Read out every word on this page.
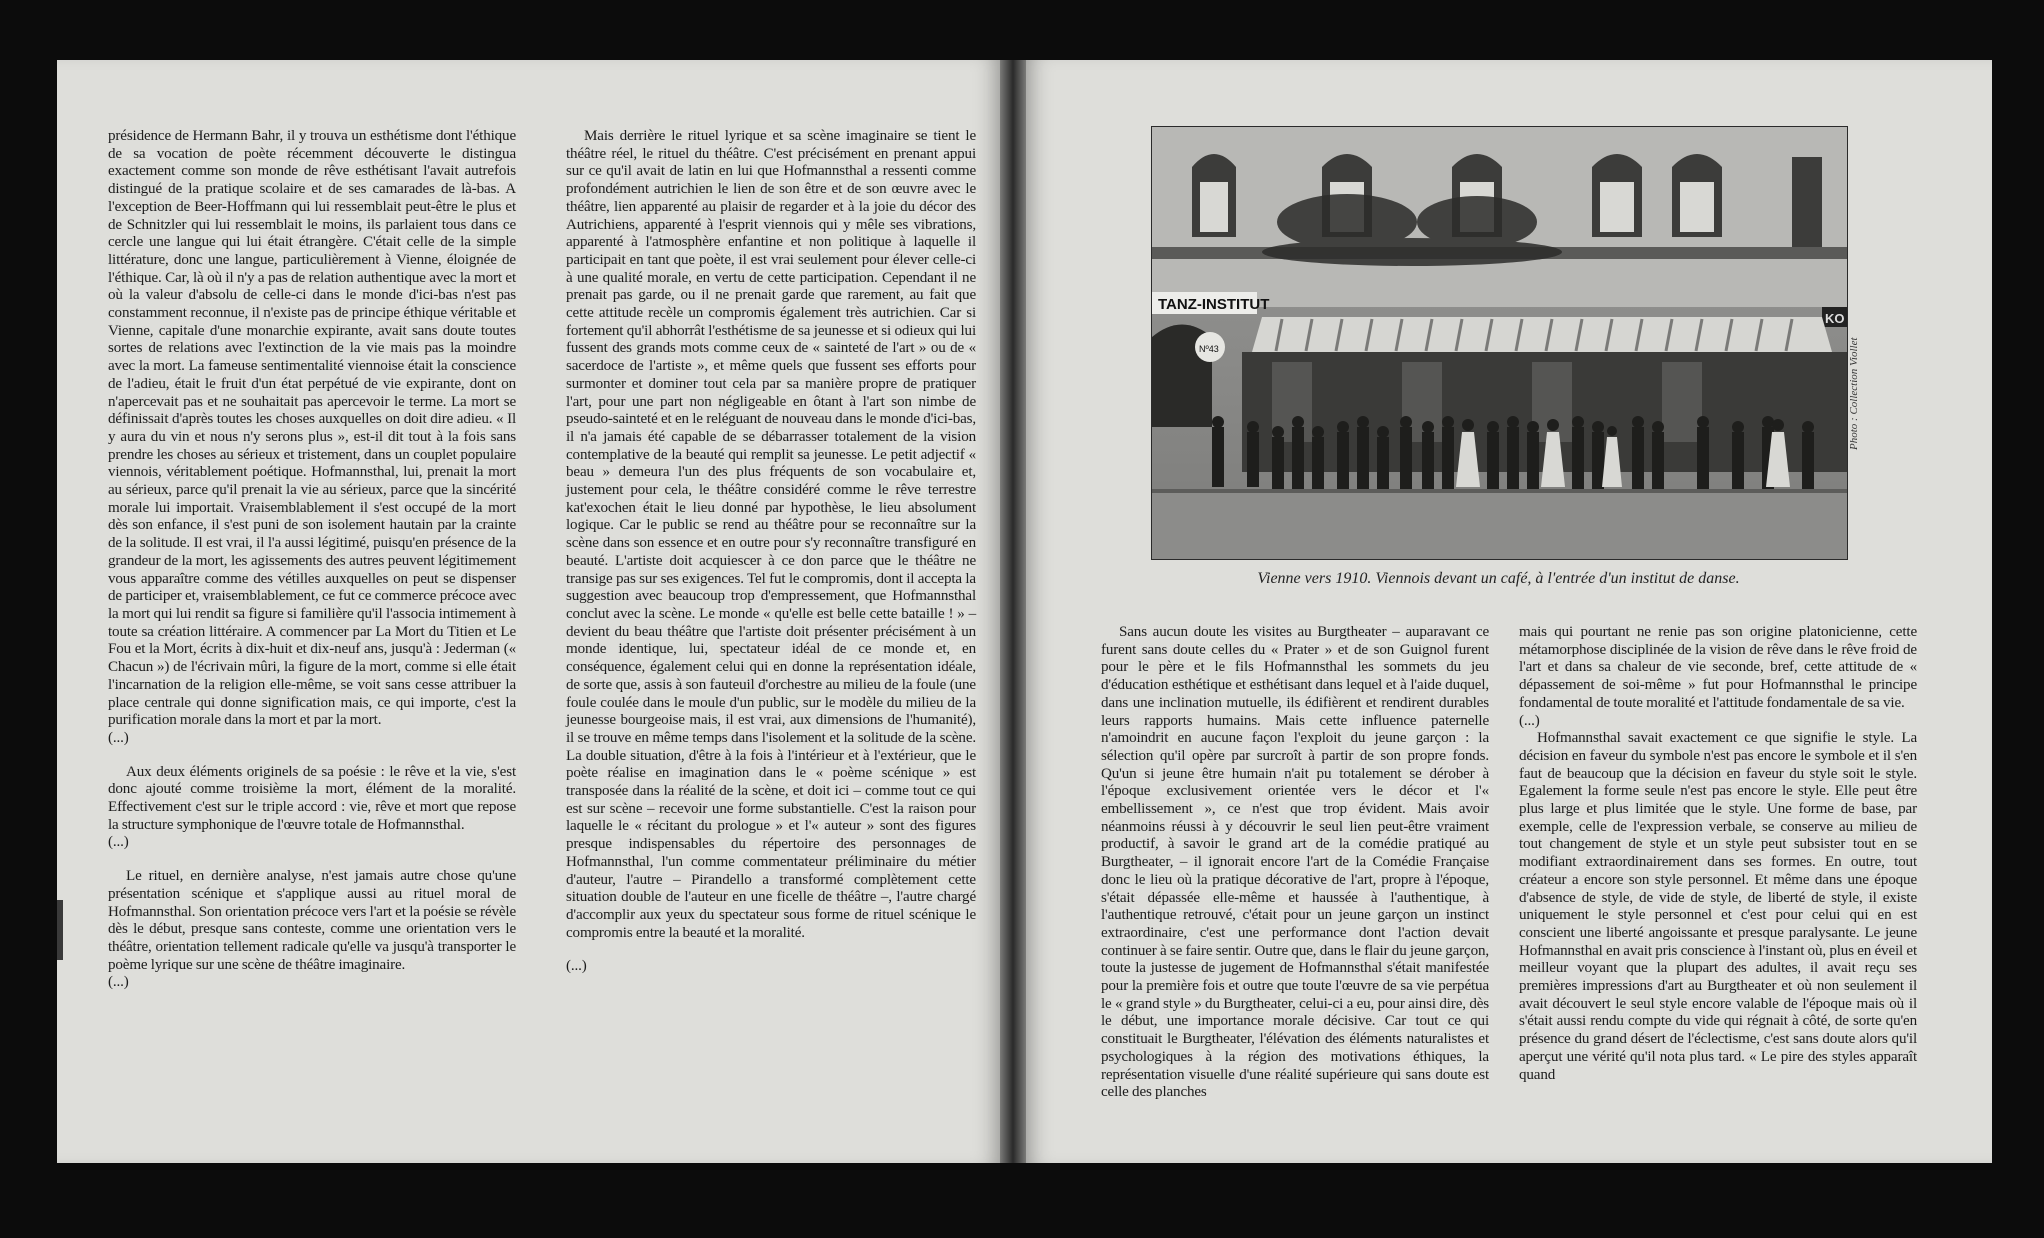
présidence de Hermann Bahr, il y trouva un esthétisme dont l'éthique de sa vocation de poète récemment découverte le distingua exactement comme son monde de rêve esthétisant l'avait autrefois distingué de la pratique scolaire et de ses camarades de là-bas. A l'exception de Beer-Hoffmann qui lui ressemblait peut-être le plus et de Schnitzler qui lui ressemblait le moins, ils parlaient tous dans ce cercle une langue qui lui était étrangère. C'était celle de la simple littérature, donc une langue, particulièrement à Vienne, éloignée de l'éthique. Car, là où il n'y a pas de relation authentique avec la mort et où la valeur d'absolu de celle-ci dans le monde d'ici-bas n'est pas constamment reconnue, il n'existe pas de principe éthique véritable et Vienne, capitale d'une monarchie expirante, avait sans doute toutes sortes de relations avec l'extinction de la vie mais pas la moindre avec la mort. La fameuse sentimentalité viennoise était la conscience de l'adieu, était le fruit d'un état perpétué de vie expirante, dont on n'apercevait pas et ne souhaitait pas apercevoir le terme. La mort se définissait d'après toutes les choses auxquelles on doit dire adieu. « Il y aura du vin et nous n'y serons plus », est-il dit tout à la fois sans prendre les choses au sérieux et tristement, dans un couplet populaire viennois, véritablement poétique. Hofmannsthal, lui, prenait la mort au sérieux, parce qu'il prenait la vie au sérieux, parce que la sincérité morale lui importait. Vraisemblablement il s'est occupé de la mort dès son enfance, il s'est puni de son isolement hautain par la crainte de la solitude. Il est vrai, il l'a aussi légitimé, puisqu'en présence de la grandeur de la mort, les agissements des autres peuvent légitimement vous apparaître comme des vétilles auxquelles on peut se dispenser de participer et, vraisemblablement, ce fut ce commerce précoce avec la mort qui lui rendit sa figure si familière qu'il l'associa intimement à toute sa création littéraire. A commencer par La Mort du Titien et Le Fou et la Mort, écrits à dix-huit et dix-neuf ans, jusqu'à : Jederman (« Chacun ») de l'écrivain mûri, la figure de la mort, comme si elle était l'incarnation de la religion elle-même, se voit sans cesse attribuer la place centrale qui donne signification mais, ce qui importe, c'est la purification morale dans la mort et par la mort.

(...)

Aux deux éléments originels de sa poésie : le rêve et la vie, s'est donc ajouté comme troisième la mort, élément de la moralité. Effectivement c'est sur le triple accord : vie, rêve et mort que repose la structure symphonique de l'œuvre totale de Hofmannsthal.

(...)

Le rituel, en dernière analyse, n'est jamais autre chose qu'une présentation scénique et s'applique aussi au rituel moral de Hofmannsthal. Son orientation précoce vers l'art et la poésie se révèle dès le début, presque sans conteste, comme une orientation vers le théâtre, orientation tellement radicale qu'elle va jusqu'à transporter le poème lyrique sur une scène de théâtre imaginaire.

(...)

Mais derrière le rituel lyrique et sa scène imaginaire se tient le théâtre réel, le rituel du théâtre. C'est précisément en prenant appui sur ce qu'il avait de latin en lui que Hofmannsthal a ressenti comme profondément autrichien le lien de son être et de son œuvre avec le théâtre, lien apparenté au plaisir de regarder et à la joie du décor des Autrichiens, apparenté à l'esprit viennois qui y mêle ses vibrations, apparenté à l'atmosphère enfantine et non politique à laquelle il participait en tant que poète, il est vrai seulement pour élever celle-ci à une qualité morale, en vertu de cette participation. Cependant il ne prenait pas garde, ou il ne prenait garde que rarement, au fait que cette attitude recèle un compromis également très autrichien. Car si fortement qu'il abhorrât l'esthétisme de sa jeunesse et si odieux qui lui fussent des grands mots comme ceux de « sainteté de l'art » ou de « sacerdoce de l'artiste », et même quels que fussent ses efforts pour surmonter et dominer tout cela par sa manière propre de pratiquer l'art, pour une part non négligeable en ôtant à l'art son nimbe de pseudo-sainteté et en le reléguant de nouveau dans le monde d'ici-bas, il n'a jamais été capable de se débarrasser totalement de la vision contemplative de la beauté qui remplit sa jeunesse. Le petit adjectif « beau » demeura l'un des plus fréquents de son vocabulaire et, justement pour cela, le théâtre considéré comme le rêve terrestre kat'exochen était le lieu donné par hypothèse, le lieu absolument logique. Car le public se rend au théâtre pour se reconnaître sur la scène dans son essence et en outre pour s'y reconnaître transfiguré en beauté. L'artiste doit acquiescer à ce don parce que le théâtre ne transige pas sur ses exigences. Tel fut le compromis, dont il accepta la suggestion avec beaucoup trop d'empressement, que Hofmannsthal conclut avec la scène. Le monde « qu'elle est belle cette bataille ! » – devient du beau théâtre que l'artiste doit présenter précisément à un monde identique, lui, spectateur idéal de ce monde et, en conséquence, également celui qui en donne la représentation idéale, de sorte que, assis à son fauteuil d'orchestre au milieu de la foule (une foule coulée dans le moule d'un public, sur le modèle du milieu de la jeunesse bourgeoise mais, il est vrai, aux dimensions de l'humanité), il se trouve en même temps dans l'isolement et la solitude de la scène. La double situation, d'être à la fois à l'intérieur et à l'extérieur, que le poète réalise en imagination dans le « poème scénique » est transposée dans la réalité de la scène, et doit ici – comme tout ce qui est sur scène – recevoir une forme substantielle. C'est la raison pour laquelle le « récitant du prologue » et l'« auteur » sont des figures presque indispensables du répertoire des personnages de Hofmannsthal, l'un comme commentateur préliminaire du métier d'auteur, l'autre – Pirandello a transformé complètement cette situation double de l'auteur en une ficelle de théâtre –, l'autre chargé d'accomplir aux yeux du spectateur sous forme de rituel scénique le compromis entre la beauté et la moralité.

(...)

​
TANZ-INSTITUT
KO
Nº43	Photo : Collection Viollet
Vienne vers 1910. Viennois devant un café, à l'entrée d'un institut de danse.

Sans aucun doute les visites au Burgtheater – auparavant ce furent sans doute celles du « Prater » et de son Guignol furent pour le père et le fils Hofmannsthal les sommets du jeu d'éducation esthétique et esthétisant dans lequel et à l'aide duquel, dans une inclination mutuelle, ils édifièrent et rendirent durables leurs rapports humains. Mais cette influence paternelle n'amoindrit en aucune façon l'exploit du jeune garçon : la sélection qu'il opère par surcroît à partir de son propre fonds. Qu'un si jeune être humain n'ait pu totalement se dérober à l'époque exclusivement orientée vers le décor et l'« embellissement », ce n'est que trop évident. Mais avoir néanmoins réussi à y découvrir le seul lien peut-être vraiment productif, à savoir le grand art de la comédie pratiqué au Burgtheater, – il ignorait encore l'art de la Comédie Française donc le lieu où la pratique décorative de l'art, propre à l'époque, s'était dépassée elle-même et haussée à l'authentique, à l'authentique retrouvé, c'était pour un jeune garçon un instinct extraordinaire, c'est une performance dont l'action devait continuer à se faire sentir. Outre que, dans le flair du jeune garçon, toute la justesse de jugement de Hofmannsthal s'était manifestée pour la première fois et outre que toute l'œuvre de sa vie perpétua le « grand style » du Burgtheater, celui-ci a eu, pour ainsi dire, dès le début, une importance morale décisive. Car tout ce qui constituait le Burgtheater, l'élévation des éléments naturalistes et psychologiques à la région des motivations éthiques, la représentation visuelle d'une réalité supérieure qui sans doute est celle des planches

mais qui pourtant ne renie pas son origine platonicienne, cette métamorphose disciplinée de la vision de rêve dans le rêve froid de l'art et dans sa chaleur de vie seconde, bref, cette attitude de « dépassement de soi-même » fut pour Hofmannsthal le principe fondamental de toute moralité et l'attitude fondamentale de sa vie.

(...)

Hofmannsthal savait exactement ce que signifie le style. La décision en faveur du symbole n'est pas encore le symbole et il s'en faut de beaucoup que la décision en faveur du style soit le style. Egalement la forme seule n'est pas encore le style. Elle peut être plus large et plus limitée que le style. Une forme de base, par exemple, celle de l'expression verbale, se conserve au milieu de tout changement de style et un style peut subsister tout en se modifiant extraordinairement dans ses formes. En outre, tout créateur a encore son style personnel. Et même dans une époque d'absence de style, de vide de style, de liberté de style, il existe uniquement le style personnel et c'est pour celui qui en est conscient une liberté angoissante et presque paralysante. Le jeune Hofmannsthal en avait pris conscience à l'instant où, plus en éveil et meilleur voyant que la plupart des adultes, il avait reçu ses premières impressions d'art au Burgtheater et où non seulement il avait découvert le seul style encore valable de l'époque mais où il s'était aussi rendu compte du vide qui régnait à côté, de sorte qu'en présence du grand désert de l'éclectisme, c'est sans doute alors qu'il aperçut une vérité qu'il nota plus tard. « Le pire des styles apparaît quand
